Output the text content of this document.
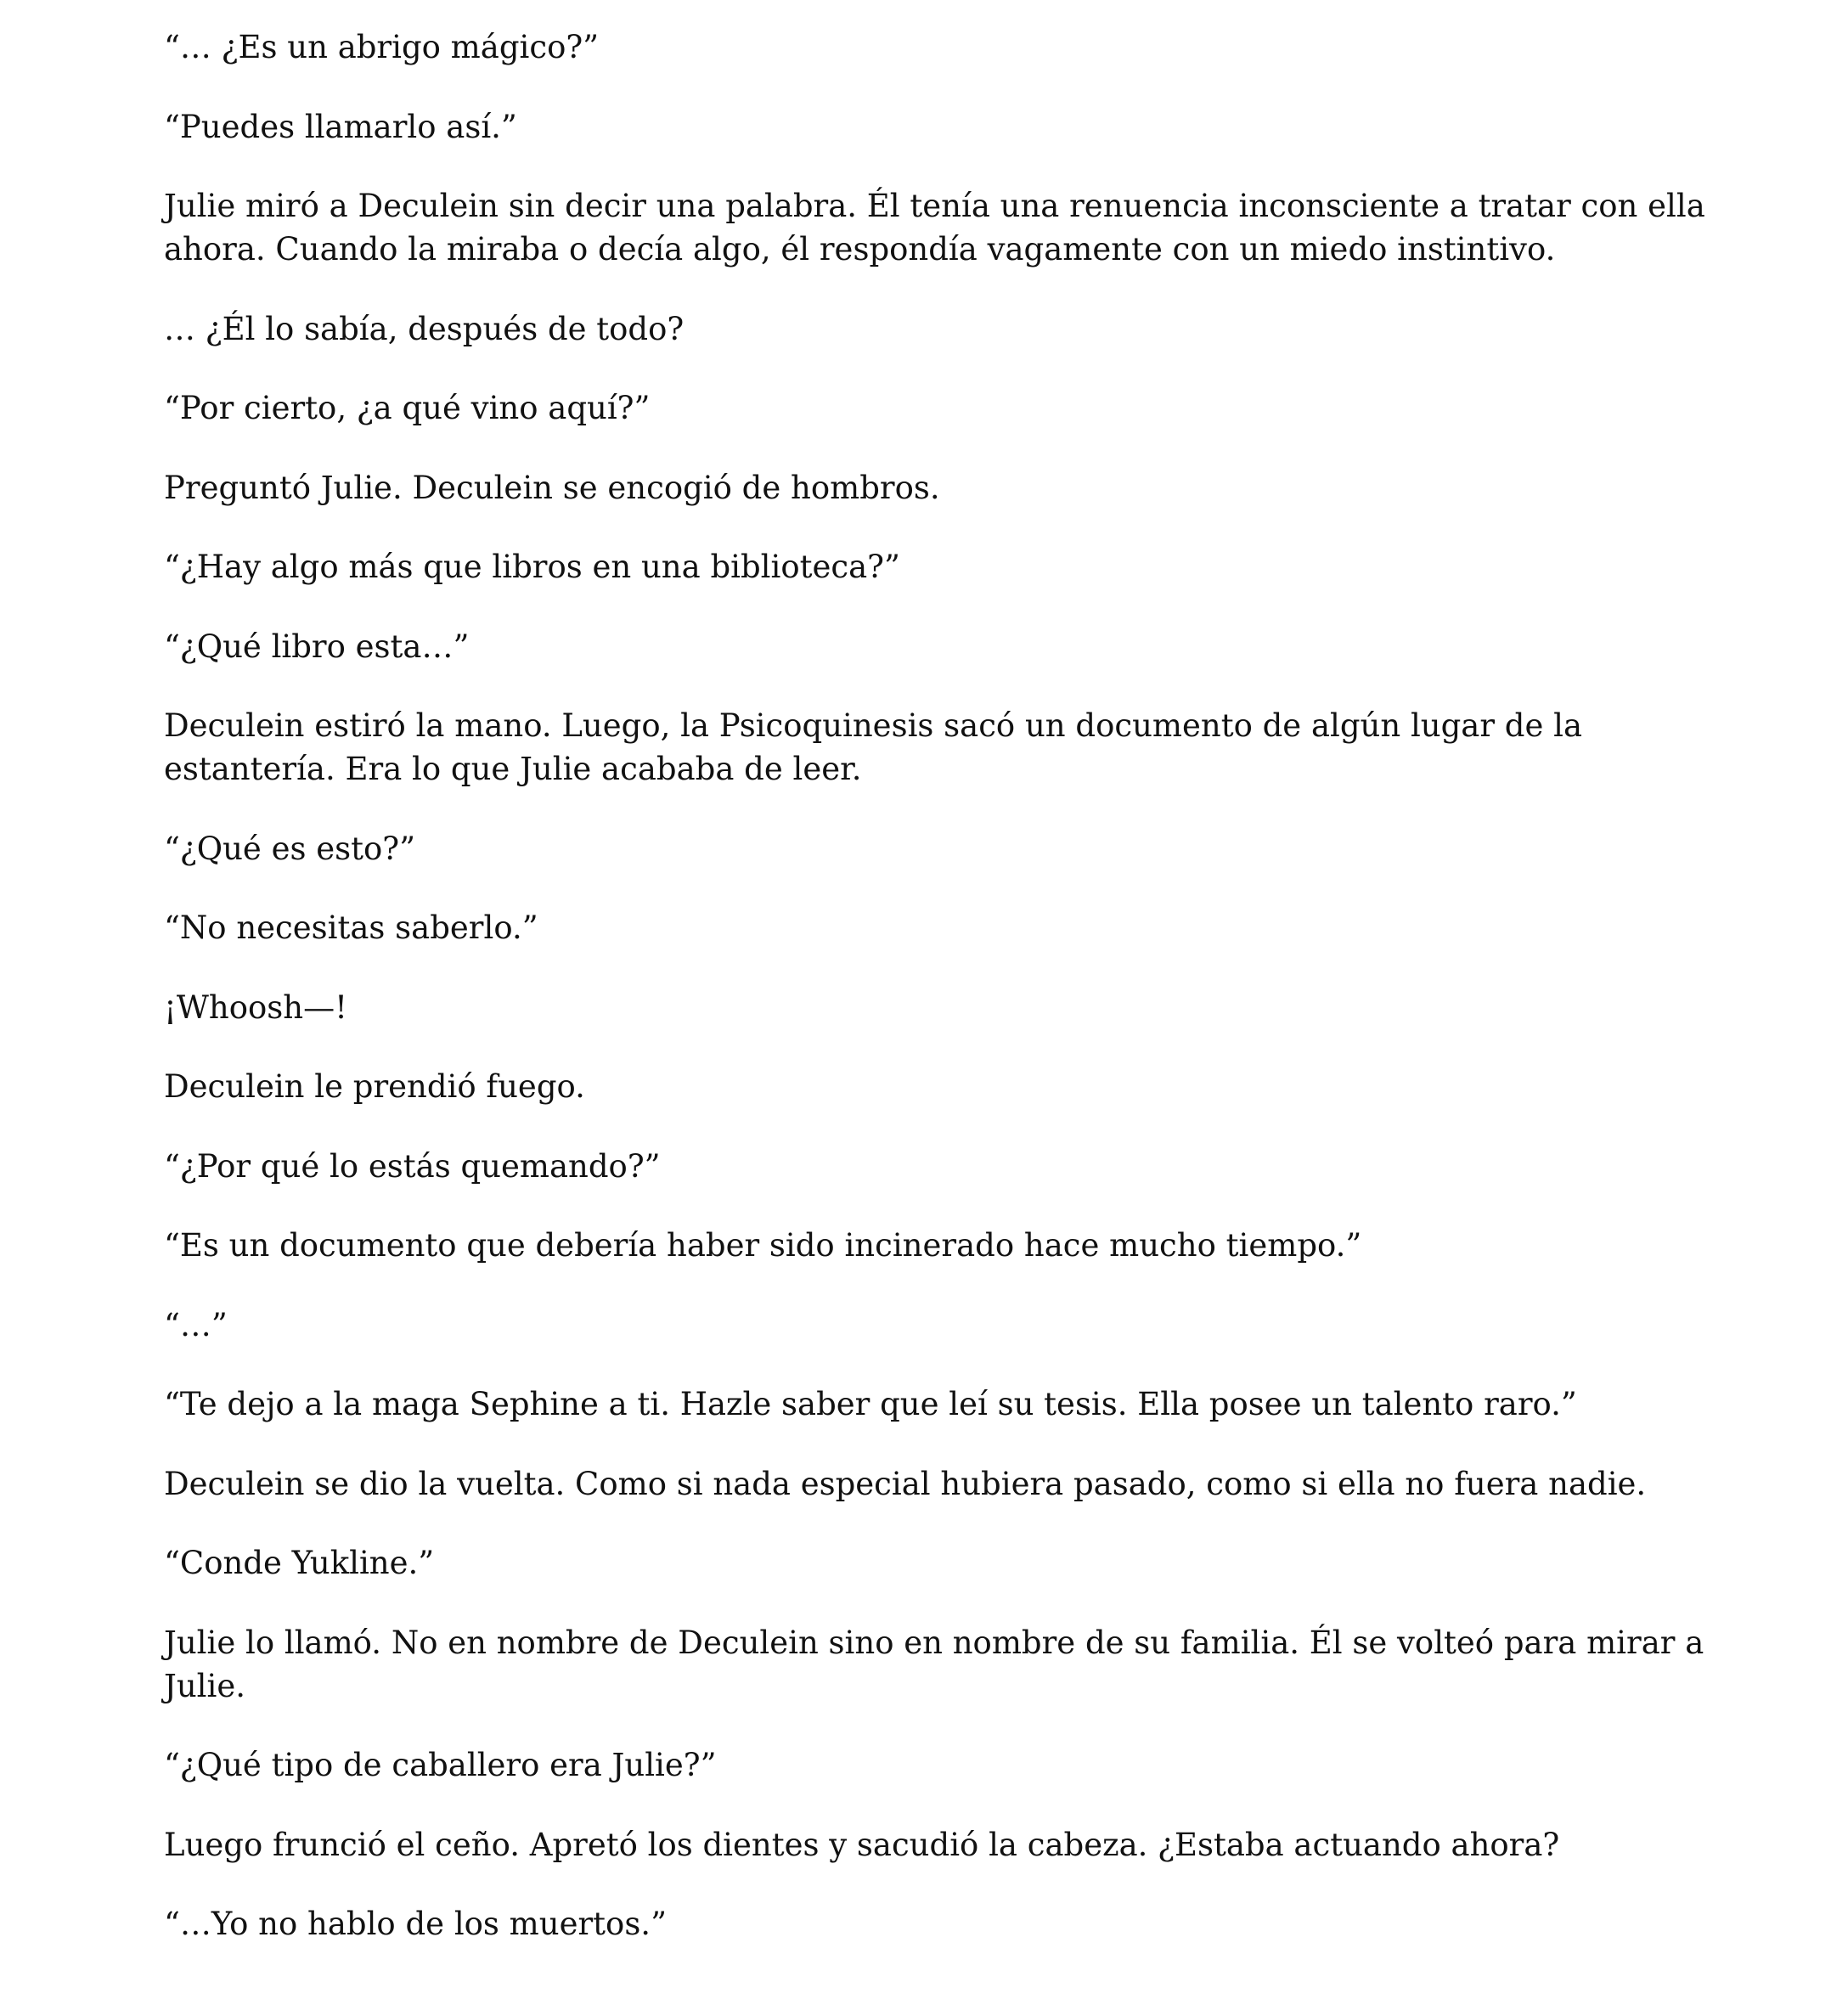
“… ¿Es un abrigo mágico?”

“Puedes llamarlo así.”

Julie miró a Deculein sin decir una palabra. Él tenía una renuencia inconsciente a tratar con ella ahora. Cuando la miraba o decía algo, él respondía vagamente con un miedo instintivo.

… ¿Él lo sabía, después de todo?

“Por cierto, ¿a qué vino aquí?”

Preguntó Julie. Deculein se encogió de hombros.

“¿Hay algo más que libros en una biblioteca?”

“¿Qué libro esta…”

Deculein estiró la mano. Luego, la Psicoquinesis sacó un documento de algún lugar de la estantería. Era lo que Julie acababa de leer.

“¿Qué es esto?”

“No necesitas saberlo.”

¡Whoosh—!

Deculein le prendió fuego.

“¿Por qué lo estás quemando?”

“Es un documento que debería haber sido incinerado hace mucho tiempo.”

“…”

“Te dejo a la maga Sephine a ti. Hazle saber que leí su tesis. Ella posee un talento raro.”

Deculein se dio la vuelta. Como si nada especial hubiera pasado, como si ella no fuera nadie.

“Conde Yukline.”

Julie lo llamó. No en nombre de Deculein sino en nombre de su familia. Él se volteó para mirar a Julie.

“¿Qué tipo de caballero era Julie?”

Luego frunció el ceño. Apretó los dientes y sacudió la cabeza. ¿Estaba actuando ahora?

“…Yo no hablo de los muertos.”
